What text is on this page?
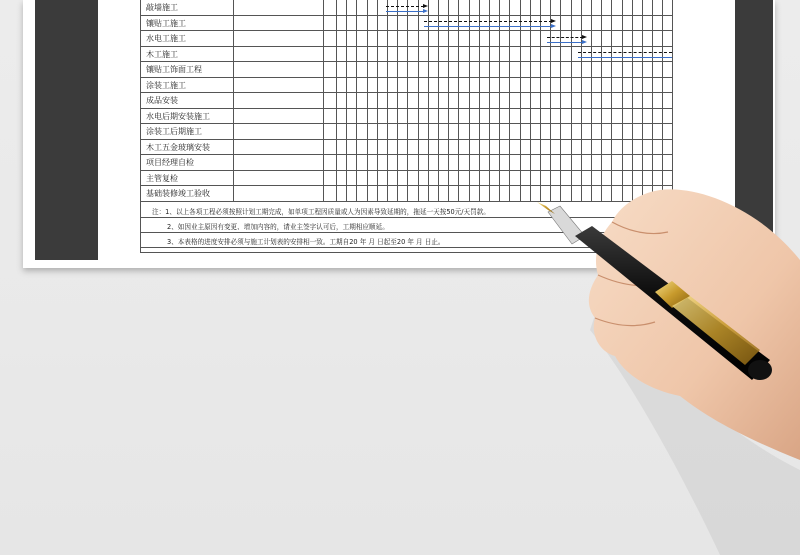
敲墙施工
镶贴工施工
水电工施工
木工施工
镶贴工饰面工程
涂装工施工
成品安装
水电后期安装施工
涂装工后期施工
木工五金玻璃安装
项目经理自检
主管复检
基础装修竣工验收
注：1、以上各项工程必须按照计划工期完成，如单项工程因质量或人为因素导致延期的，拖延一天按50元/天罚款。
2、如因业主原因有变更、增加内容的，请业主签字认可后，工期相应顺延。
3、本表格的进度安排必须与施工计划表的安排相一致。工期自20 年 月 日起至20 年 月 日止。
